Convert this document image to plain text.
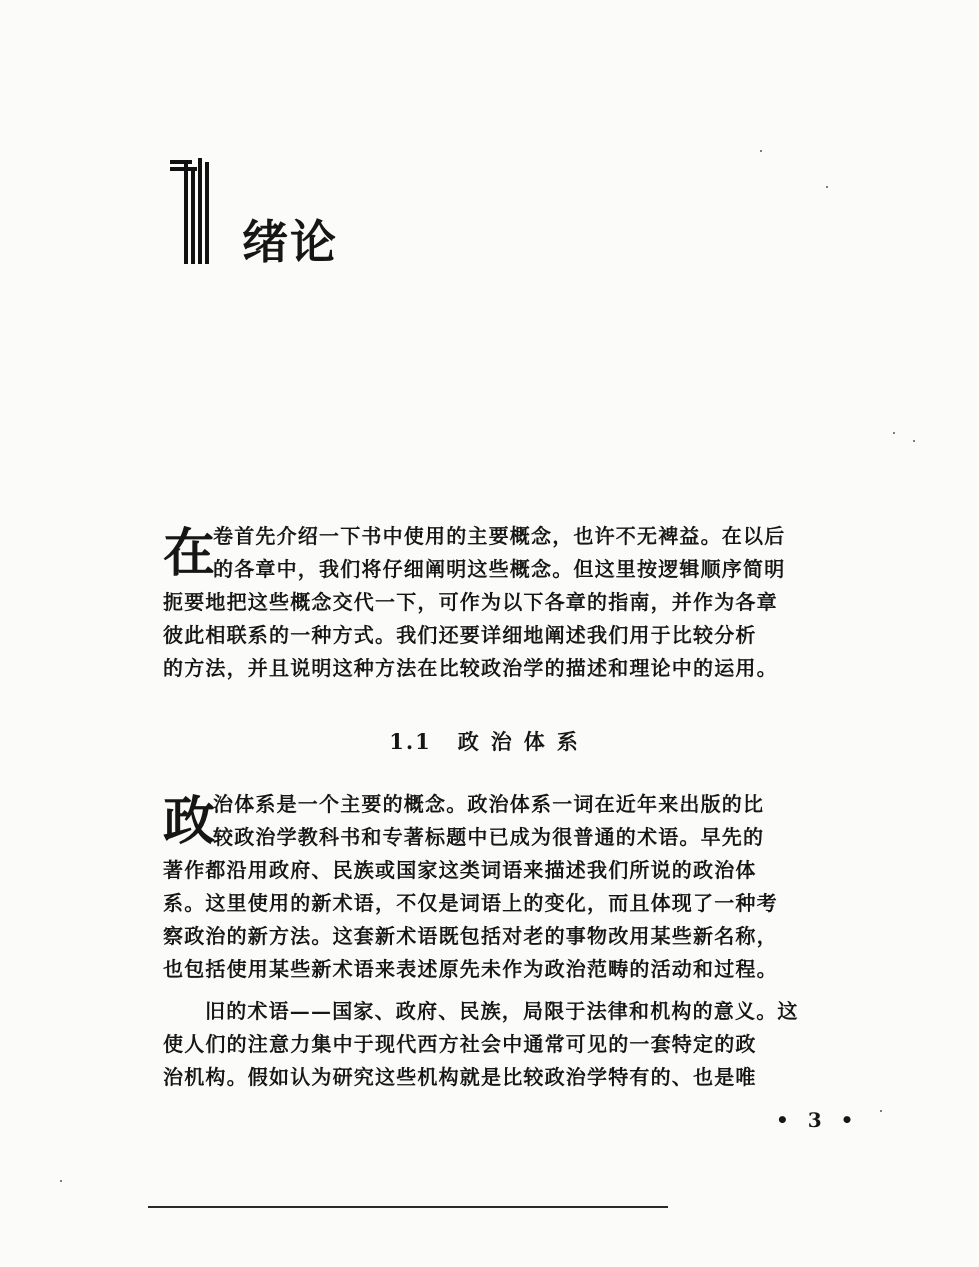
绪论
在
卷首先介绍一下书中使用的主要概念，也许不无裨益。在以后
的各章中，我们将仔细阐明这些概念。但这里按逻辑顺序简明
扼要地把这些概念交代一下，可作为以下各章的指南，并作为各章
彼此相联系的一种方式。我们还要详细地阐述我们用于比较分析
的方法，并且说明这种方法在比较政治学的描述和理论中的运用。
1.1 政治体系
政
治体系是一个主要的概念。政治体系一词在近年来出版的比
较政治学教科书和专著标题中已成为很普通的术语。早先的
著作都沿用政府、民族或国家这类词语来描述我们所说的政治体
系。这里使用的新术语，不仅是词语上的变化，而且体现了一种考
察政治的新方法。这套新术语既包括对老的事物改用某些新名称，
也包括使用某些新术语来表述原先未作为政治范畴的活动和过程。
旧的术语——国家、政府、民族，局限于法律和机构的意义。这
使人们的注意力集中于现代西方社会中通常可见的一套特定的政
治机构。假如认为研究这些机构就是比较政治学特有的、也是唯
• 3 •
